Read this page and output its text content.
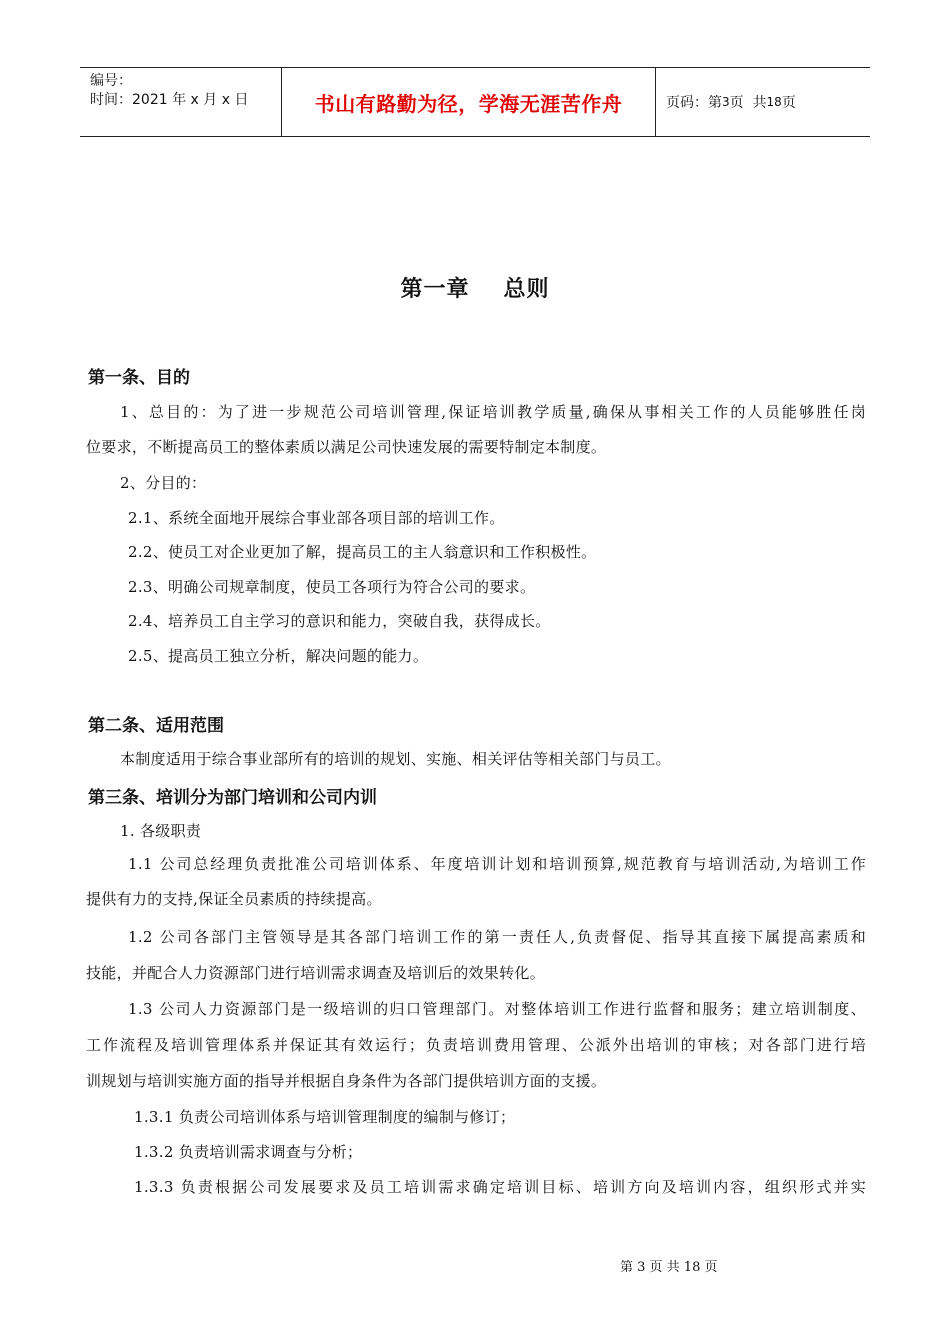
编号：
时间：2021 年 x 月 x 日	书山有路勤为径，学海无涯苦作舟	页码：第 3 页  共 18 页
第一章 总则
第一条、目的
1、总目的：为了进一步规范公司培训管理,保证培训教学质量,确保从事相关工作的人员能够胜任岗
位要求，不断提高员工的整体素质以满足公司快速发展的需要特制定本制度。
2、分目的：
2.1、系统全面地开展综合事业部各项目部的培训工作。
2.2、使员工对企业更加了解，提高员工的主人翁意识和工作积极性。
2.3、明确公司规章制度，使员工各项行为符合公司的要求。
2.4、培养员工自主学习的意识和能力，突破自我，获得成长。
2.5、提高员工独立分析，解决问题的能力。
第二条、适用范围
本制度适用于综合事业部所有的培训的规划、实施、相关评估等相关部门与员工。
第三条、培训分为部门培训和公司内训
1. 各级职责
1.1 公司总经理负责批准公司培训体系、年度培训计划和培训预算,规范教育与培训活动,为培训工作
提供有力的支持,保证全员素质的持续提高。
1.2 公司各部门主管领导是其各部门培训工作的第一责任人,负责督促、指导其直接下属提高素质和
技能，并配合人力资源部门进行培训需求调查及培训后的效果转化。
1.3 公司人力资源部门是一级培训的归口管理部门。对整体培训工作进行监督和服务；建立培训制度、
工作流程及培训管理体系并保证其有效运行；负责培训费用管理、公派外出培训的审核；对各部门进行培
训规划与培训实施方面的指导并根据自身条件为各部门提供培训方面的支援。
1.3.1 负责公司培训体系与培训管理制度的编制与修订；
1.3.2 负责培训需求调查与分析；
1.3.3 负责根据公司发展要求及员工培训需求确定培训目标、培训方向及培训内容，组织形式并实
第 3 页 共 18 页
